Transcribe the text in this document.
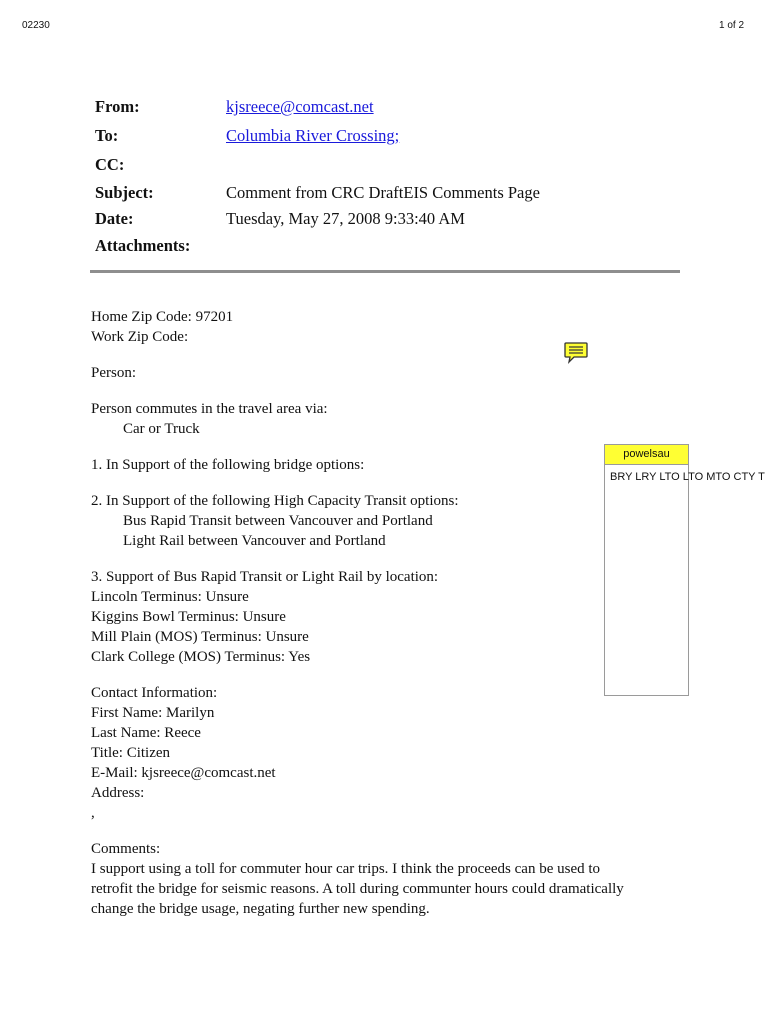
02230	1 of 2
From:	kjsreece@comcast.net
To:	Columbia River Crossing;
CC:
Subject:	Comment from CRC DraftEIS Comments Page
Date:	Tuesday, May 27, 2008 9:33:40 AM
Attachments:

Home Zip Code: 97201
Work Zip Code:

Person:

Person commutes in the travel area via:
Car or Truck

1. In Support of the following bridge options:

2. In Support of the following High Capacity Transit options:
Bus Rapid Transit between Vancouver and Portland
Light Rail between Vancouver and Portland

3. Support of Bus Rapid Transit or Light Rail by location:
Lincoln Terminus: Unsure
Kiggins Bowl Terminus: Unsure
Mill Plain (MOS) Terminus: Unsure
Clark College (MOS) Terminus: Yes

Contact Information:
First Name: Marilyn
Last Name: Reece
Title: Citizen
E-Mail: kjsreece@comcast.net
Address:
,

Comments:
I support using a toll for commuter hour car trips. I think the proceeds can be used to
retrofit the bridge for seismic reasons. A toll during communter hours could dramatically
change the bridge usage, negating further new spending.

powelsau
BRY LRY LTO LTO MTO CTY T
